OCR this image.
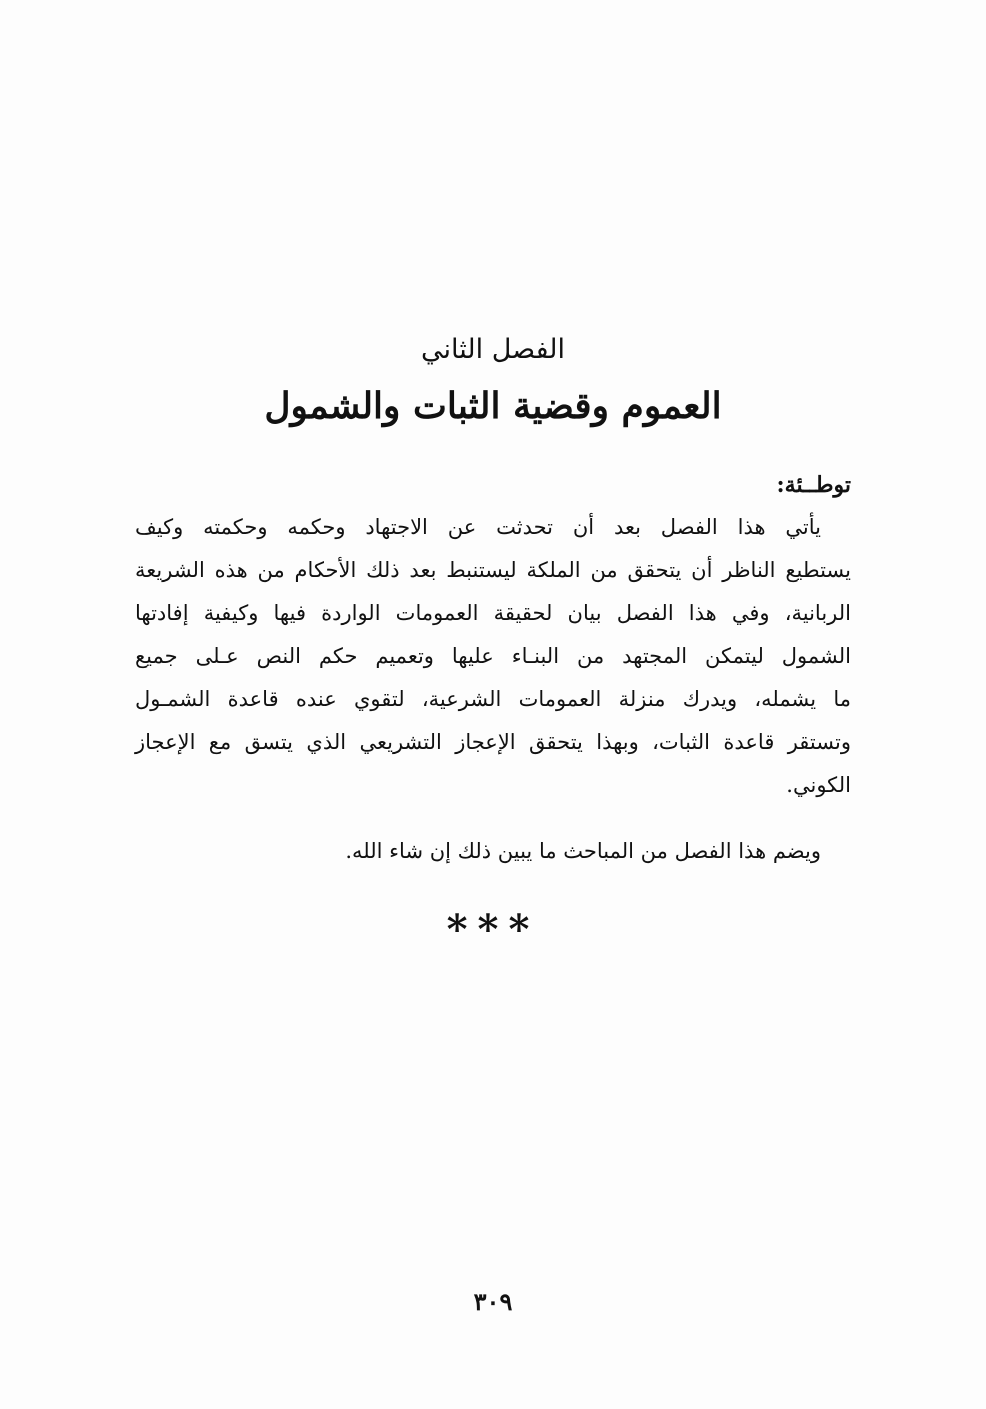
الفصل الثاني
العموم وقضية الثبات والشمول
توطــئة:
يأتي هذا الفصل بعد أن تحدثت عن الاجتهاد وحكمه وحكمته وكيف
يستطيع الناظر أن يتحقق من الملكة ليستنبط بعد ذلك الأحكام من هذه الشريعة
الربانية، وفي هذا الفصل بيان لحقيقة العمومات الواردة فيها وكيفية إفادتها
الشمول ليتمكن المجتهد من البنـاء عليها وتعميم حكم النص عـلى جميع
ما يشمله، ويدرك منزلة العمومات الشرعية، لتقوي عنده قاعدة الشمـول
وتستقر قاعدة الثبات، وبهذا يتحقق الإعجاز التشريعي الذي يتسق مع الإعجاز
الكوني.
ويضم هذا الفصل من المباحث ما يبين ذلك إن شاء الله.
***
٣٠٩
